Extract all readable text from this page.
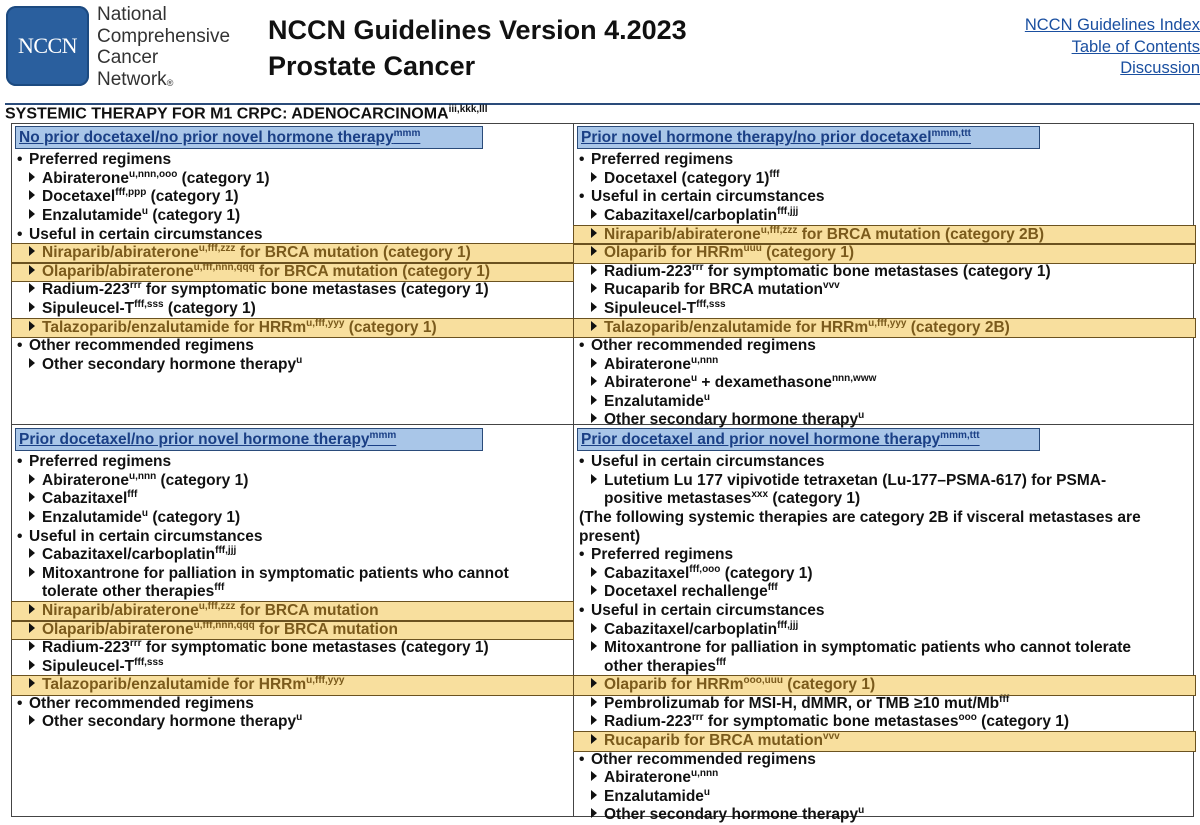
NCCN
National
Comprehensive
Cancer
Network®
NCCN Guidelines Version 4.2023
Prostate Cancer
NCCN Guidelines Index
Table of Contents
Discussion
SYSTEMIC THERAPY FOR M1 CRPC: $ADENOCARCINOMA^{iii,kkk,lll}$
No prior docetaxel/no prior novel hormone therapy$^{mmm}$
• Preferred regimens
Abiraterone$^{u,nnn,ooo}$ (category 1)
Docetaxel$^{fff,ppp}$ (category 1)
Enzalutamide$^u$ (category 1)
• Useful in certain circumstances
Niraparib/abiraterone$^{u,fff,zzz}$ for BRCA mutation (category 1)
Olaparib/abiraterone$^{u,fff,nnn,qqq}$ for BRCA mutation (category 1)
Radium-$223^{rrr}$ for symptomatic bone metastases (category 1)
Sipuleucel-$T^{fff,sss}$ (category 1)
Talazoparib/enzalutamide for HRRm$^{u,fff,yyy}$ (category 1)
• Other recommended regimens
Other secondary hormone therapy$^u$
Prior novel hormone therapy/no prior docetaxel$^{mmm,ttt}$
• Preferred regimens
Docetaxel (category 1)$^{fff}$
• Useful in certain circumstances
Cabazitaxel/carboplatin$^{fff,jjj}$
Niraparib/abiraterone$^{u,fff,zzz}$ for BRCA mutation (category 2B)
Olaparib for HRRm$^{uuu}$ (category 1)
Radium-$223^{rrr}$ for symptomatic bone metastases (category 1)
Rucaparib for BRCA mutation$^{vvv}$
Sipuleucel-$T^{fff,sss}$
Talazoparib/enzalutamide for HRRm$^{u,fff,yyy}$ (category 2B)
• Other recommended regimens
Abiraterone$^{u,nnn}$
Abiraterone$^u$ + dexamethasone$^{nnn,www}$
Enzalutamide$^u$
Other secondary hormone therapy$^u$
Prior docetaxel/no prior novel hormone therapy$^{mmm}$
• Preferred regimens
Abiraterone$^{u,nnn}$ (category 1)
Cabazitaxel$^{fff}$
Enzalutamide$^u$ (category 1)
• Useful in certain circumstances
Cabazitaxel/carboplatin$^{fff,jjj}$
Mitoxantrone for palliation in symptomatic patients who cannot
tolerate other therapies$^{fff}$
Niraparib/abiraterone$^{u,fff,zzz}$ for BRCA mutation
Olaparib/abiraterone$^{u,fff,nnn,qqq}$ for BRCA mutation
Radium-$223^{rrr}$ for symptomatic bone metastases (category 1)
Sipuleucel-$T^{fff,sss}$
Talazoparib/enzalutamide for HRRm$^{u,fff,yyy}$
• Other recommended regimens
Other secondary hormone therapy$^u$
Prior docetaxel and prior novel hormone therapy$^{mmm,ttt}$
• Useful in certain circumstances
Lutetium Lu 177 vipivotide tetraxetan (Lu-177–PSMA-617) for PSMA-
positive metastases$^{xxx}$ (category 1)
(The following systemic therapies are category 2B if visceral metastases are present)
• Preferred regimens
Cabazitaxel$^{fff,ooo}$ (category 1)
Docetaxel rechallenge$^{fff}$
• Useful in certain circumstances
Cabazitaxel/carboplatin$^{fff,jjj}$
Mitoxantrone for palliation in symptomatic patients who cannot tolerate
other therapies$^{fff}$
Olaparib for HRRm$^{ooo,uuu}$ (category 1)
Pembrolizumab for MSI-H, dMMR, or TMB ≥10 mut/$Mb^{fff}$
Radium-$223^{rrr}$ for symptomatic bone metastases$^{ooo}$ (category 1)
Rucaparib for BRCA mutation$^{vvv}$
• Other recommended regimens
Abiraterone$^{u,nnn}$
Enzalutamide$^u$
Other secondary hormone therapy$^u$
